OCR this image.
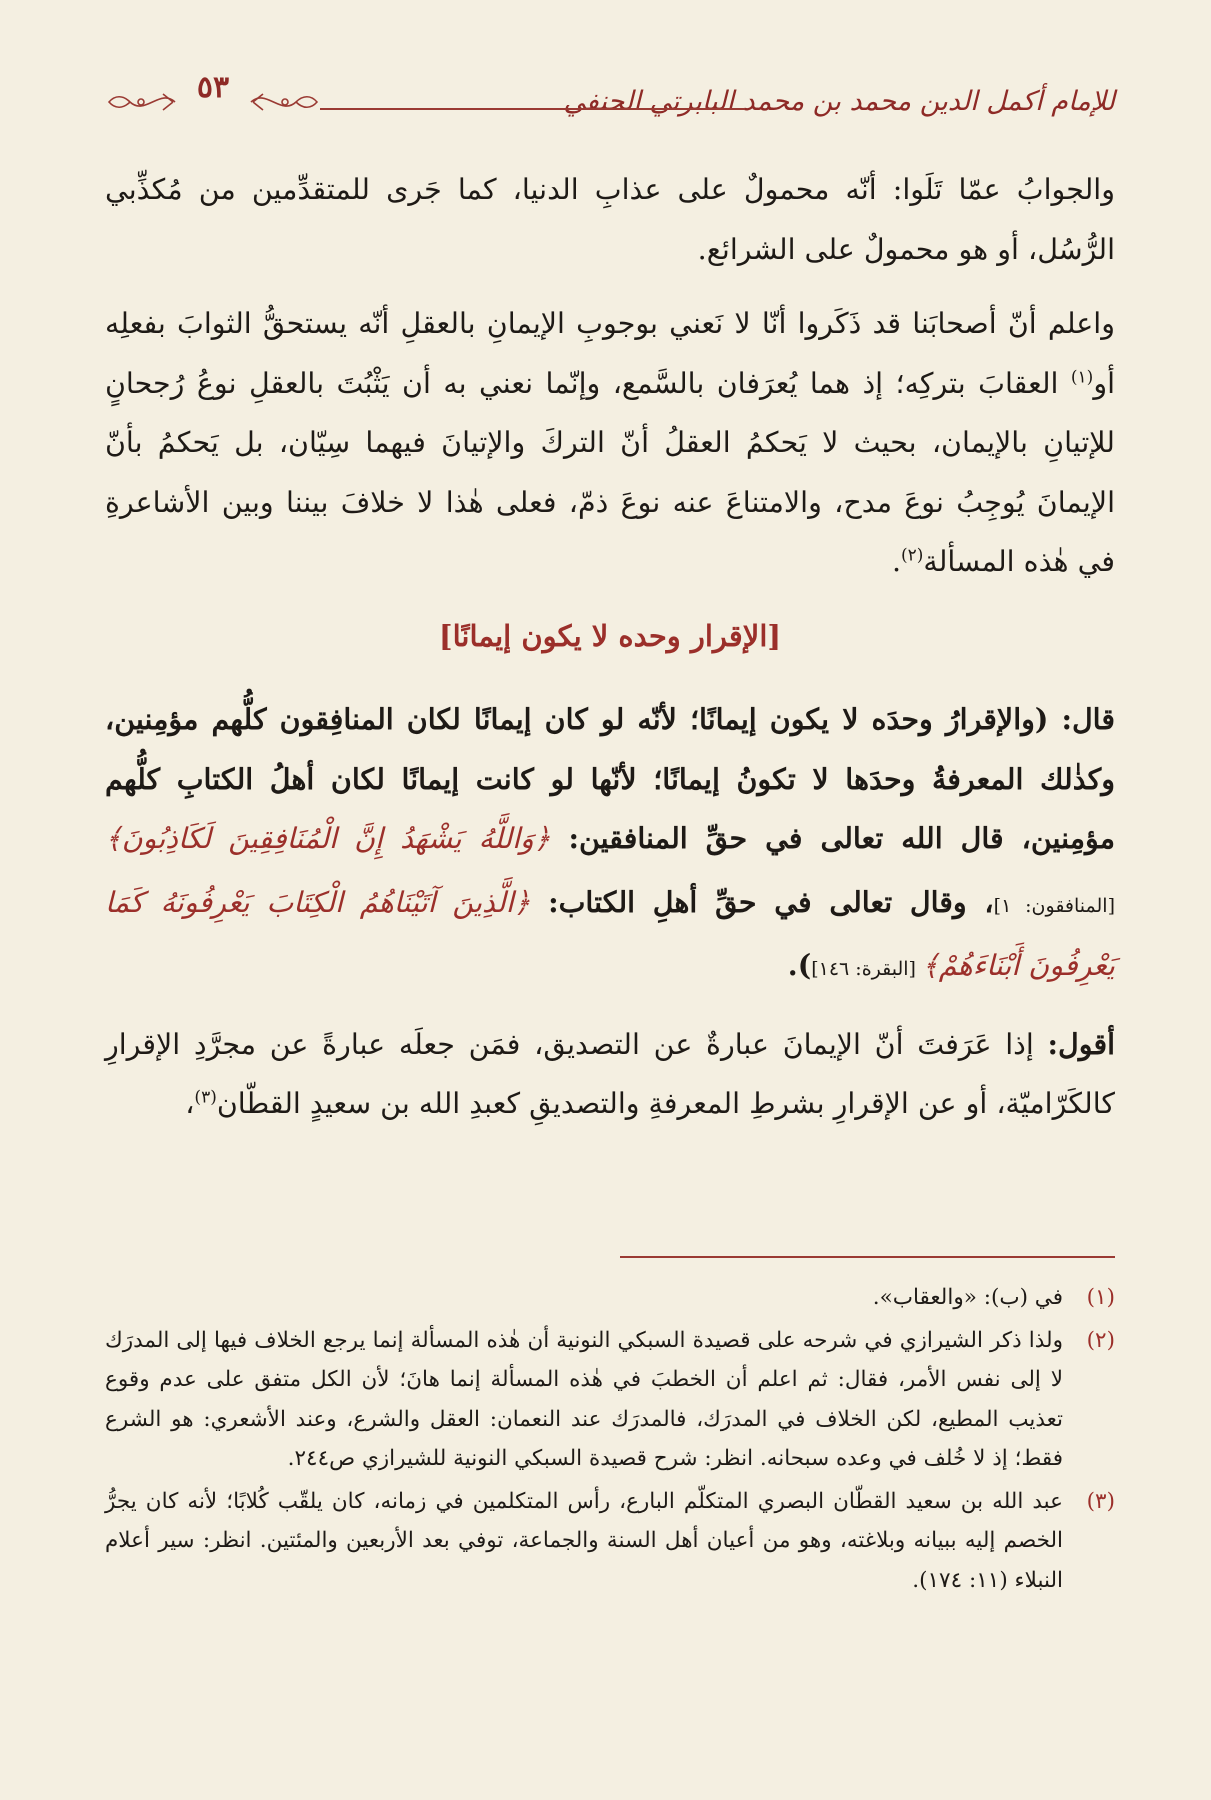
للإمام أكمل الدين محمد بن محمد البابرتي الحنفي
٥٣

والجوابُ عمّا تَلَوا: أنّه محمولٌ على عذابِ الدنيا، كما جَرى للمتقدِّمين من مُكذِّبي الرُّسُل، أو هو محمولٌ على الشرائع.

واعلم أنّ أصحابَنا قد ذَكَروا أنّا لا نَعني بوجوبِ الإيمانِ بالعقلِ أنّه يستحقُّ الثوابَ بفعلِه أو$^{(١)}$ العقابَ بتركِه؛ إذ هما يُعرَفان بالسَّمع، وإنّما نعني به أن يَثْبُتَ بالعقلِ نوعُ رُجحانٍ للإتيانِ بالإيمان، بحيث لا يَحكمُ العقلُ أنّ التركَ والإتيانَ فيهما سِيّان، بل يَحكمُ بأنّ الإيمانَ يُوجِبُ نوعَ مدح، والامتناعَ عنه نوعَ ذمّ، فعلى هٰذا لا خلافَ بيننا وبين الأشاعرةِ في هٰذه المسألة$^{(٢)}$.

[الإقرار وحده لا يكون إيمانًا]

قال: (والإقرارُ وحدَه لا يكون إيمانًا؛ لأنّه لو كان إيمانًا لكان المنافِقون كلُّهم مؤمِنين، وكذٰلك المعرفةُ وحدَها لا تكونُ إيمانًا؛ لأنّها لو كانت إيمانًا لكان أهلُ الكتابِ كلُّهم مؤمِنين، قال الله تعالى في حقِّ المنافقين: ﴿وَاللَّهُ يَشْهَدُ إِنَّ الْمُنَافِقِينَ لَكَاذِبُونَ﴾ [المنافقون: ١]، وقال تعالى في حقِّ أهلِ الكتاب: ﴿الَّذِينَ آتَيْنَاهُمُ الْكِتَابَ يَعْرِفُونَهُ كَمَا يَعْرِفُونَ أَبْنَاءَهُمْ﴾ [البقرة: ١٤٦]).

أقول: إذا عَرَفتَ أنّ الإيمانَ عبارةٌ عن التصديق، فمَن جعلَه عبارةً عن مجرَّدِ الإقرارِ كالكَرّاميّة، أو عن الإقرارِ بشرطِ المعرفةِ والتصديقِ كعبدِ الله بن سعيدٍ القطّان$^{(٣)}$،

(١)
في (ب): «والعقاب».
(٢)
ولذا ذكر الشيرازي في شرحه على قصيدة السبكي النونية أن هٰذه المسألة إنما يرجع الخلاف فيها إلى المدرَك لا إلى نفس الأمر، فقال: ثم اعلم أن الخطبَ في هٰذه المسألة إنما هانَ؛ لأن الكل متفق على عدم وقوع تعذيب المطيع، لكن الخلاف في المدرَك، فالمدرَك عند النعمان: العقل والشرع، وعند الأشعري: هو الشرع فقط؛ إذ لا خُلف في وعده سبحانه. انظر: شرح قصيدة السبكي النونية للشيرازي ص٢٤٤.
(٣)
عبد الله بن سعيد القطّان البصري المتكلّم البارع، رأس المتكلمين في زمانه، كان يلقّب كُلابًا؛ لأنه كان يجرُّ الخصم إليه ببيانه وبلاغته، وهو من أعيان أهل السنة والجماعة، توفي بعد الأربعين والمئتين. انظر: سير أعلام النبلاء (١١: ١٧٤).
